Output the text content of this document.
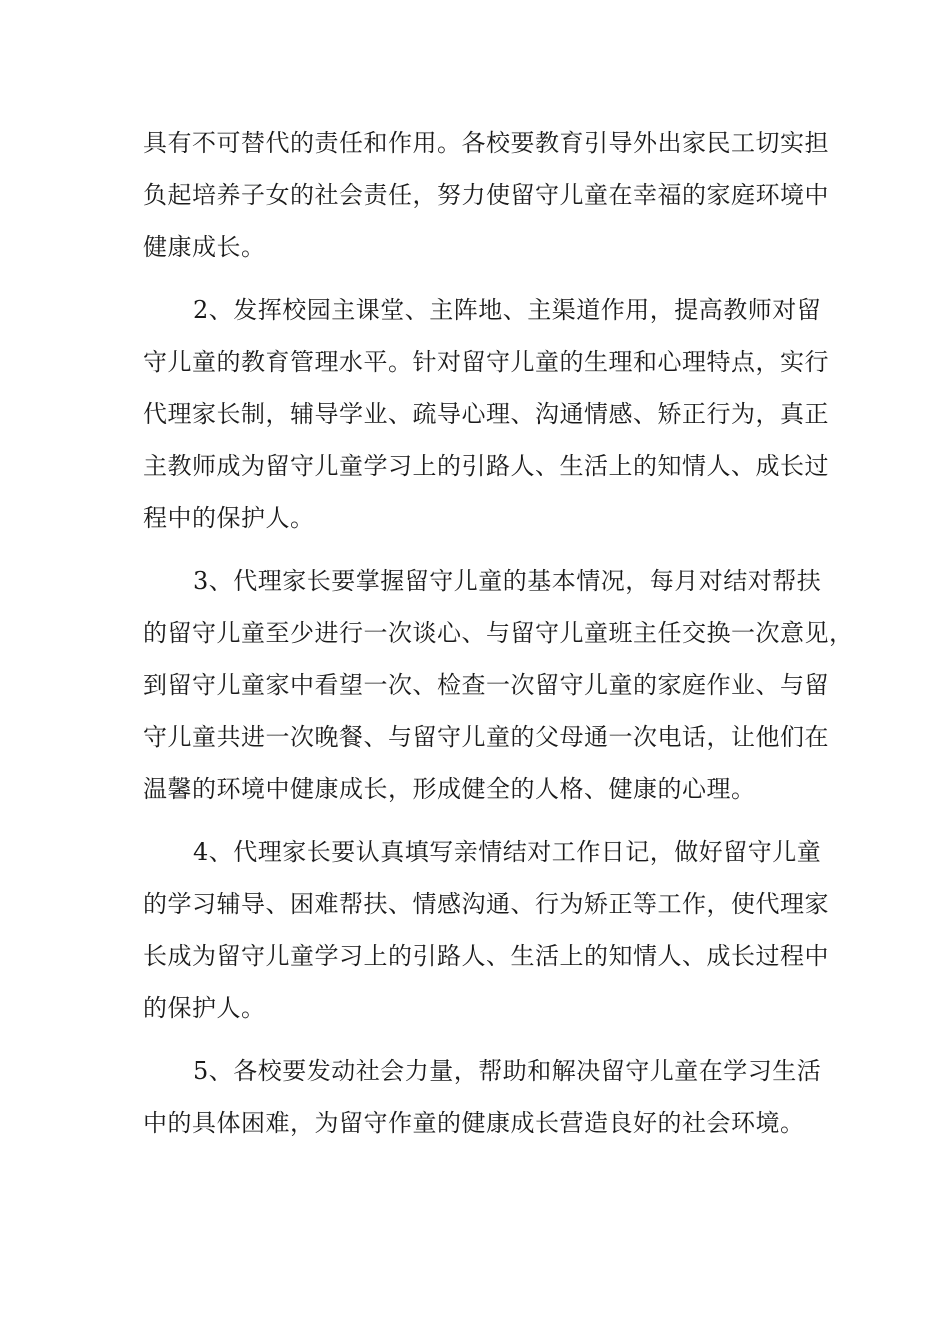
具有不可替代的责任和作用。各校要教育引导外出家民工切实担

负起培养子女的社会责任，努力使留守儿童在幸福的家庭环境中

健康成长。

2、发挥校园主课堂、主阵地、主渠道作用，提高教师对留

守儿童的教育管理水平。针对留守儿童的生理和心理特点，实行

代理家长制，辅导学业、疏导心理、沟通情感、矫正行为，真正

主教师成为留守儿童学习上的引路人、生活上的知情人、成长过

程中的保护人。

3、代理家长要掌握留守儿童的基本情况，每月对结对帮扶

的留守儿童至少进行一次谈心、与留守儿童班主任交换一次意见，

到留守儿童家中看望一次、检查一次留守儿童的家庭作业、与留

守儿童共进一次晚餐、与留守儿童的父母通一次电话，让他们在

温馨的环境中健康成长，形成健全的人格、健康的心理。

4、代理家长要认真填写亲情结对工作日记，做好留守儿童

的学习辅导、困难帮扶、情感沟通、行为矫正等工作，使代理家

长成为留守儿童学习上的引路人、生活上的知情人、成长过程中

的保护人。

5、各校要发动社会力量，帮助和解决留守儿童在学习生活

中的具体困难，为留守作童的健康成长营造良好的社会环境。
